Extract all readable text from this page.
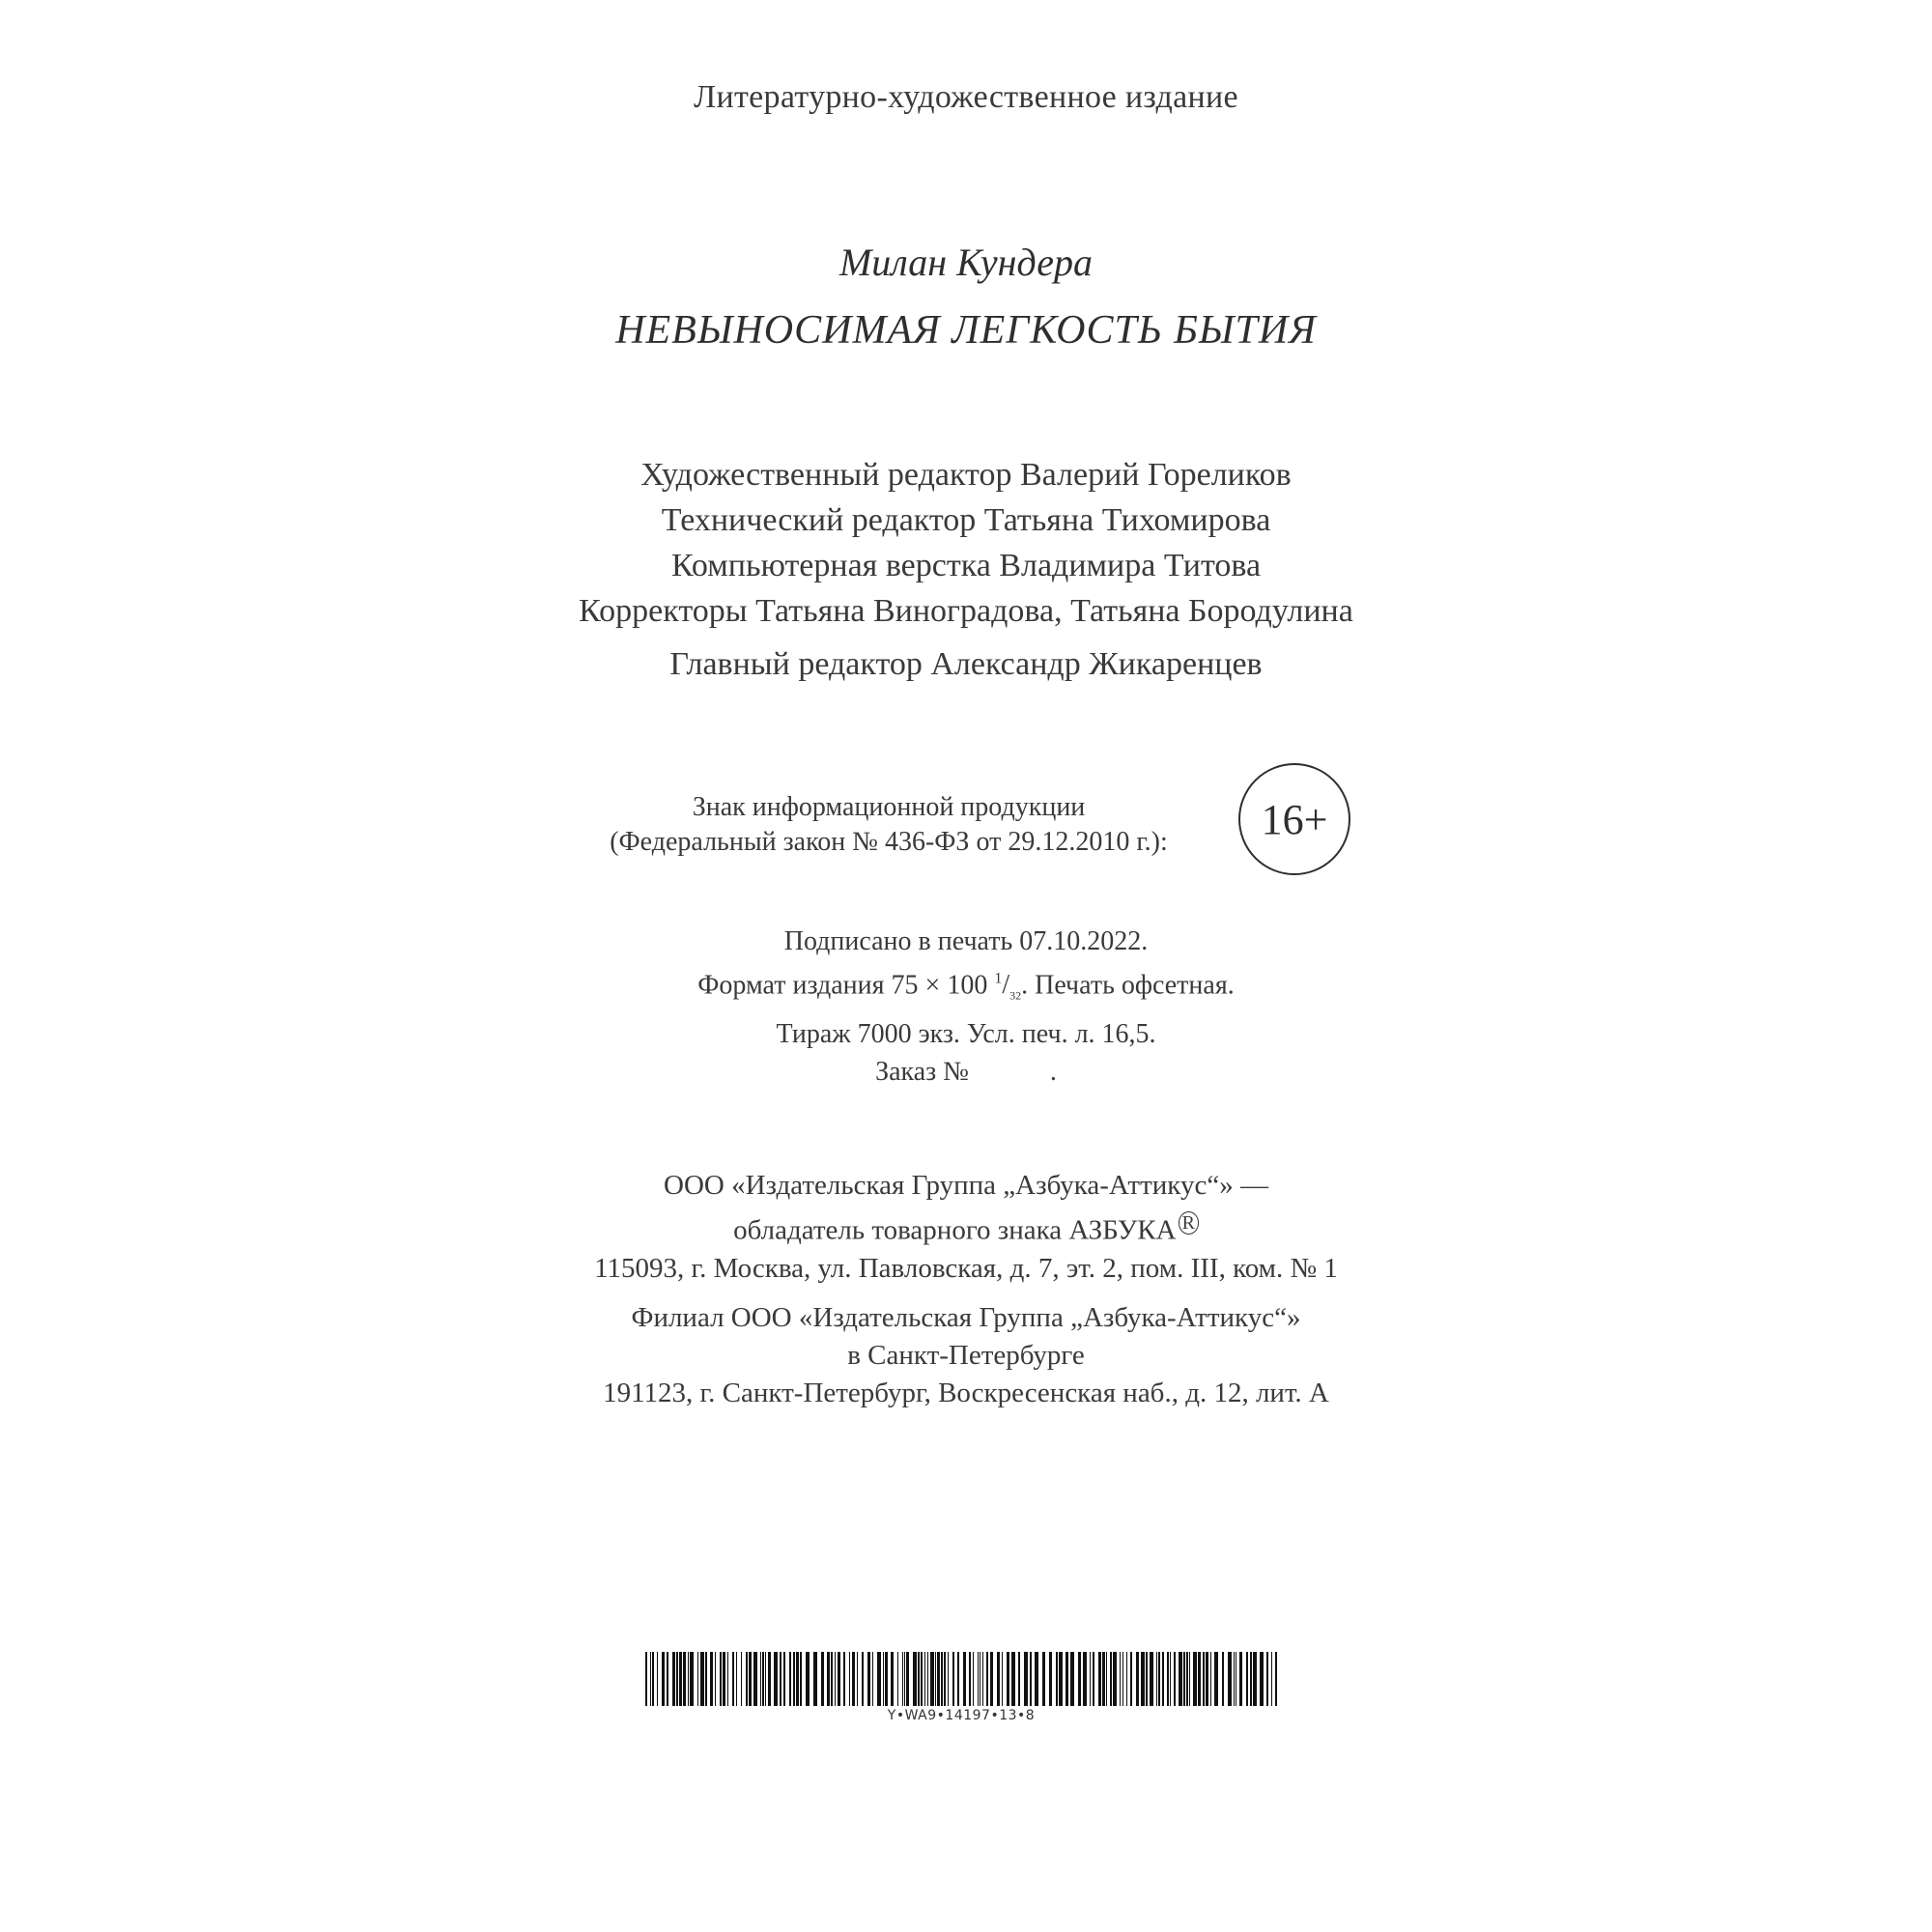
Литературно-художественное издание
Милан Кундера
НЕВЫНОСИМАЯ ЛЕГКОСТЬ БЫТИЯ
Художественный редактор Валерий Гореликов
Технический редактор Татьяна Тихомирова
Компьютерная верстка Владимира Титова
Корректоры Татьяна Виноградова, Татьяна Бородулина
Главный редактор Александр Жикаренцев
Знак информационной продукции
(Федеральный закон № 436-ФЗ от 29.12.2010 г.):	16+
Подписано в печать 07.10.2022.
Формат издания 75 × 100 $^1/_{32}$. Печать офсетная.
Тираж 7000 экз. Усл. печ. л. 16,5.
Заказ №            .
ООО «Издательская Группа „Азбука-Аттикус“» —
обладатель товарного знака АЗБУКА $^R$
115093, г. Москва, ул. Павловская, д. 7, эт. 2, пом. III, ком. № 1
Филиал ООО «Издательская Группа „Азбука-Аттикус“»
в Санкт-Петербурге
191123, г. Санкт-Петербург, Воскресенская наб., д. 12, лит. А
Y•WA9•14197•13•8
